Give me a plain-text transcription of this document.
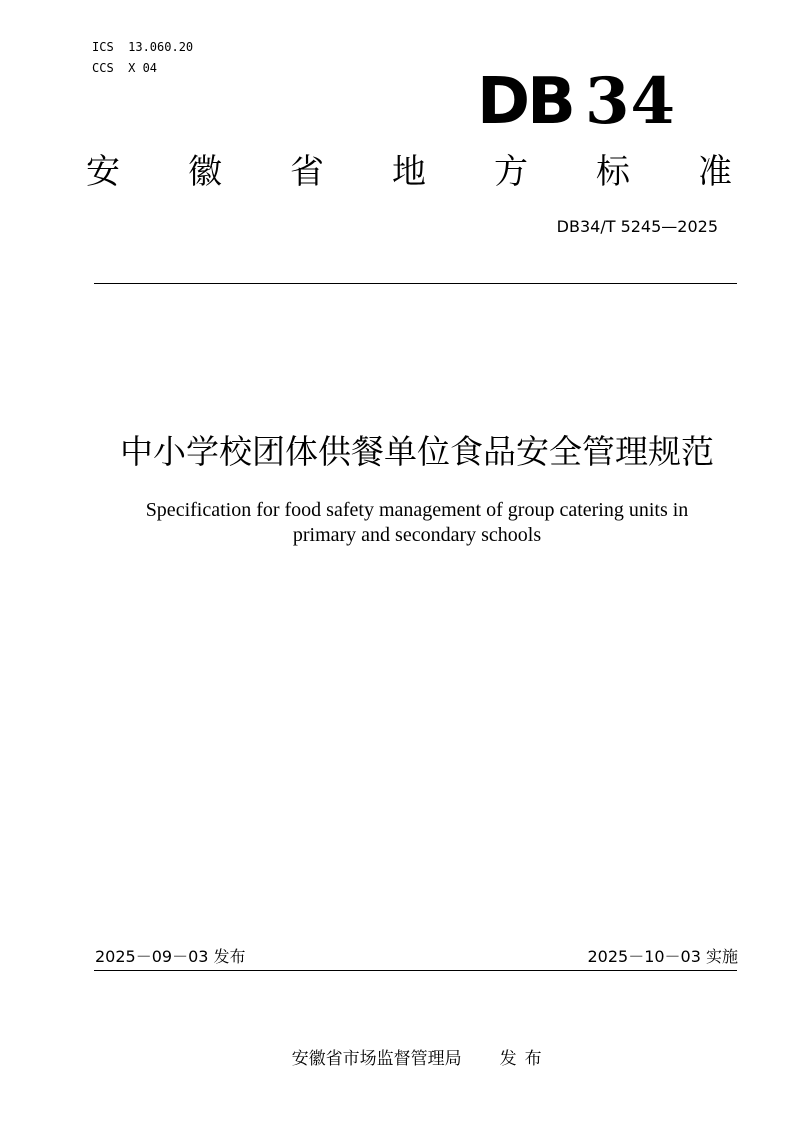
ICS  13.060.20
CCS  X 04	DB 34
安 徽 省 地 方 标 准
DB34/T 5245—2025
中小学校团体供餐单位食品安全管理规范
Specification for food safety management of group catering units in
primary and secondary schools
2025－09－03 发布	2025－10－03 实施

安徽省市场监督管理局 发布
